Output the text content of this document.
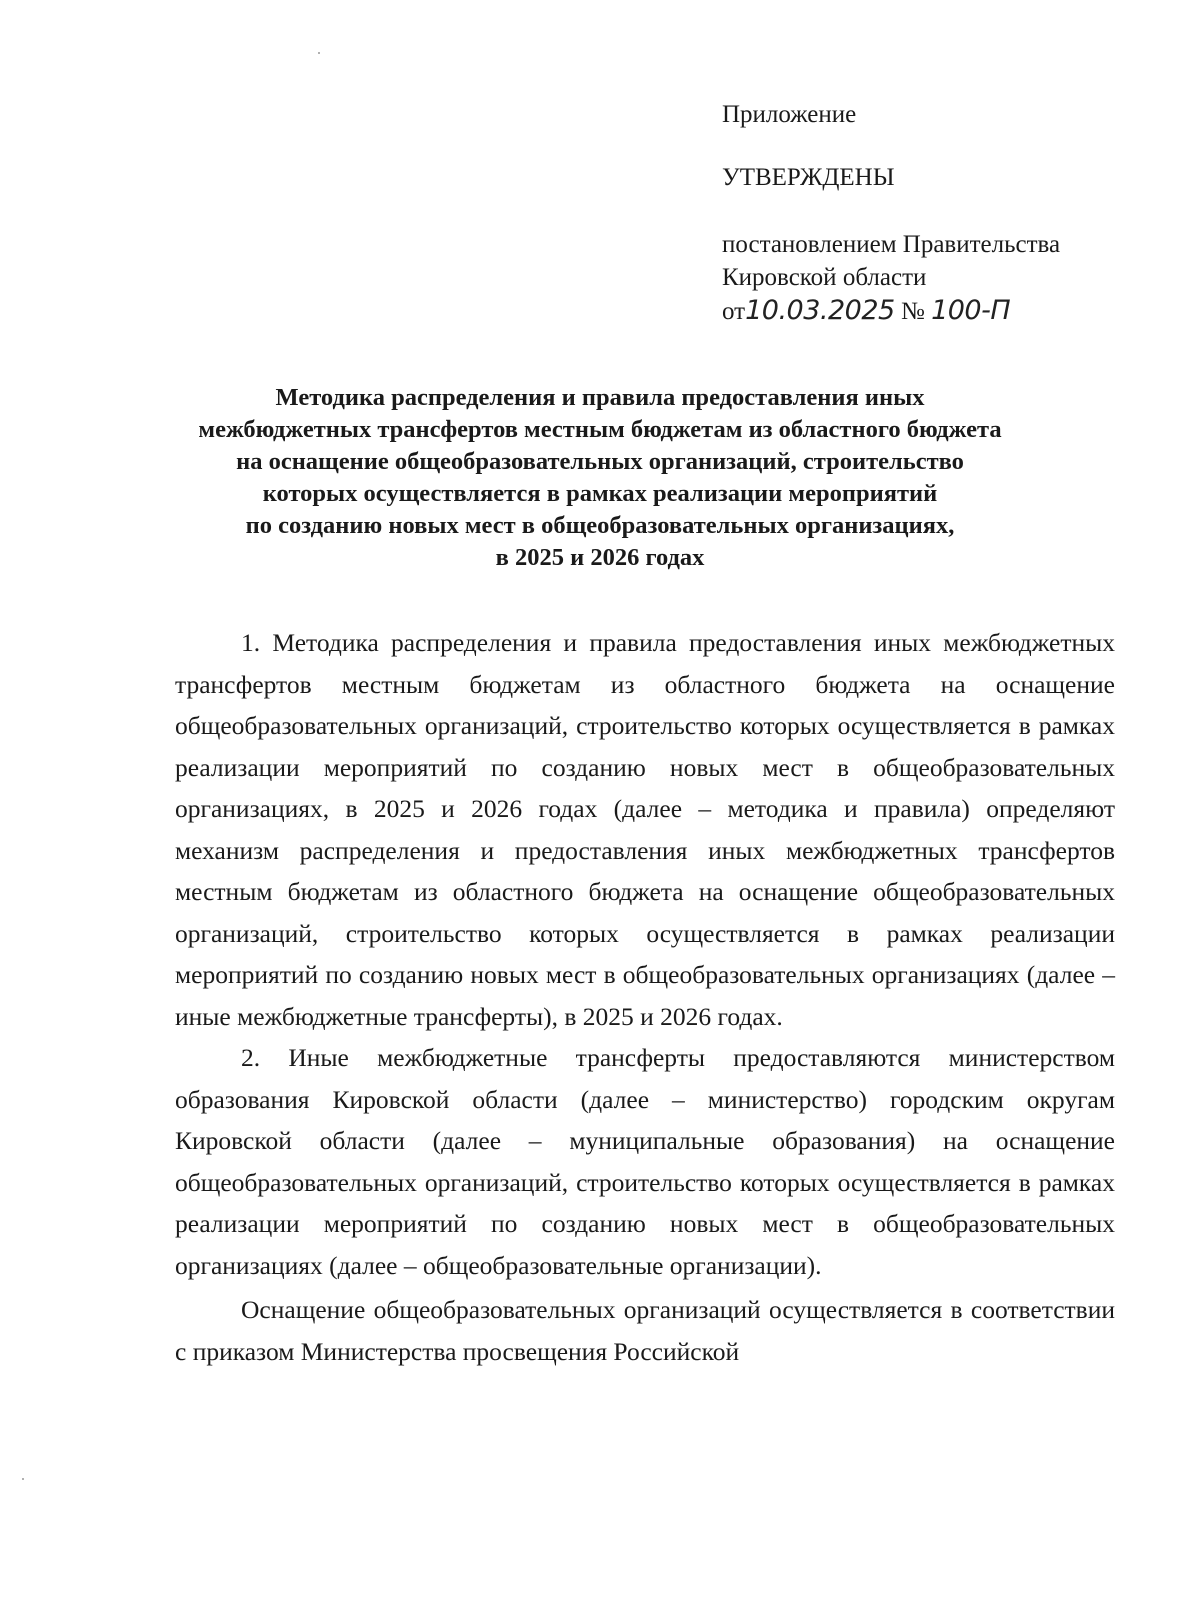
Приложение
УТВЕРЖДЕНЫ
постановлением Правительства
Кировской области
от10.03.2025 № 100-П
Методика распределения и правила предоставления иных
межбюджетных трансфертов местным бюджетам из областного бюджета
на оснащение общеобразовательных организаций, строительство
которых осуществляется в рамках реализации мероприятий
по созданию новых мест в общеобразовательных организациях,
в 2025 и 2026 годах

1. Методика распределения и правила предоставления иных межбюджетных трансфертов местным бюджетам из областного бюджета на оснащение общеобразовательных организаций, строительство которых осуществляется в рамках реализации мероприятий по созданию новых мест в общеобразовательных организациях, в 2025 и 2026 годах (далее – методика и правила) определяют механизм распределения и предоставления иных межбюджетных трансфертов местным бюджетам из областного бюджета на оснащение общеобразовательных организаций, строительство которых осуществляется в рамках реализации мероприятий по созданию новых мест в общеобразовательных организациях (далее – иные межбюджетные трансферты), в 2025 и 2026 годах.

2. Иные межбюджетные трансферты предоставляются министерством образования Кировской области (далее – министерство) городским округам Кировской области (далее – муниципальные образования) на оснащение общеобразовательных организаций, строительство которых осуществляется в рамках реализации мероприятий по созданию новых мест в общеобразовательных организациях (далее – общеобразовательные организации).

Оснащение общеобразовательных организаций осуществляется в соответствии с приказом Министерства просвещения Российской
